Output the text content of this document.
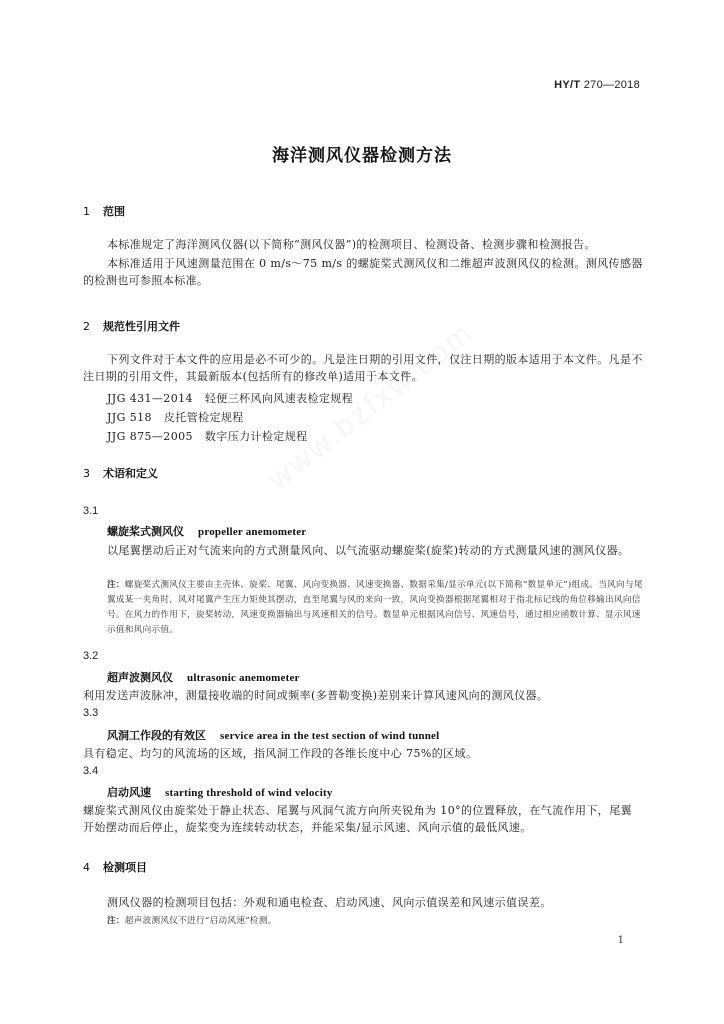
HY/T 270—2018
海洋测风仪器检测方法
1 范围
本标准规定了海洋测风仪器(以下简称“测风仪器”)的检测项目、检测设备、检测步骤和检测报告。
本标准适用于风速测量范围在 0 m/s～75 m/s 的螺旋桨式测风仪和二维超声波测风仪的检测。测风传感器的检测也可参照本标准。
2 规范性引用文件
下列文件对于本文件的应用是必不可少的。凡是注日期的引用文件，仅注日期的版本适用于本文件。凡是不注日期的引用文件，其最新版本(包括所有的修改单)适用于本文件。
JJG 431—2014 轻便三杯风向风速表检定规程
JJG 518 皮托管检定规程
JJG 875—2005 数字压力计检定规程
3 术语和定义
3.1
螺旋桨式测风仪 propeller anemometer
以尾翼摆动后正对气流来向的方式测量风向、以气流驱动螺旋桨(旋桨)转动的方式测量风速的测风仪器。
注：螺旋桨式测风仪主要由主壳体、旋桨、尾翼、风向变换器、风速变换器、数据采集/显示单元(以下简称“数显单元”)组成。当风向与尾翼成某一夹角时，风对尾翼产生压力矩使其摆动，直至尾翼与风的来向一致，风向变换器根据尾翼相对于指北标记线的角位移输出风向信号。在风力的作用下，旋桨转动，风速变换器输出与风速相关的信号。数显单元根据风向信号、风速信号，通过相应函数计算、显示风速示值和风向示值。
3.2
超声波测风仪 ultrasonic anemometer
利用发送声波脉冲，测量接收端的时间或频率(多普勒变换)差别来计算风速风向的测风仪器。
3.3
风洞工作段的有效区 service area in the test section of wind tunnel
具有稳定、均匀的风流场的区域，指风洞工作段的各维长度中心 75%的区域。
3.4
启动风速 starting threshold of wind velocity
螺旋桨式测风仪由旋桨处于静止状态、尾翼与风洞气流方向所夹锐角为 10°的位置释放，在气流作用下，尾翼开始摆动而后停止，旋桨变为连续转动状态，并能采集/显示风速、风向示值的最低风速。
4 检测项目
测风仪器的检测项目包括：外观和通电检查、启动风速、风向示值误差和风速示值误差。
注：超声波测风仪不进行“启动风速”检测。
1
